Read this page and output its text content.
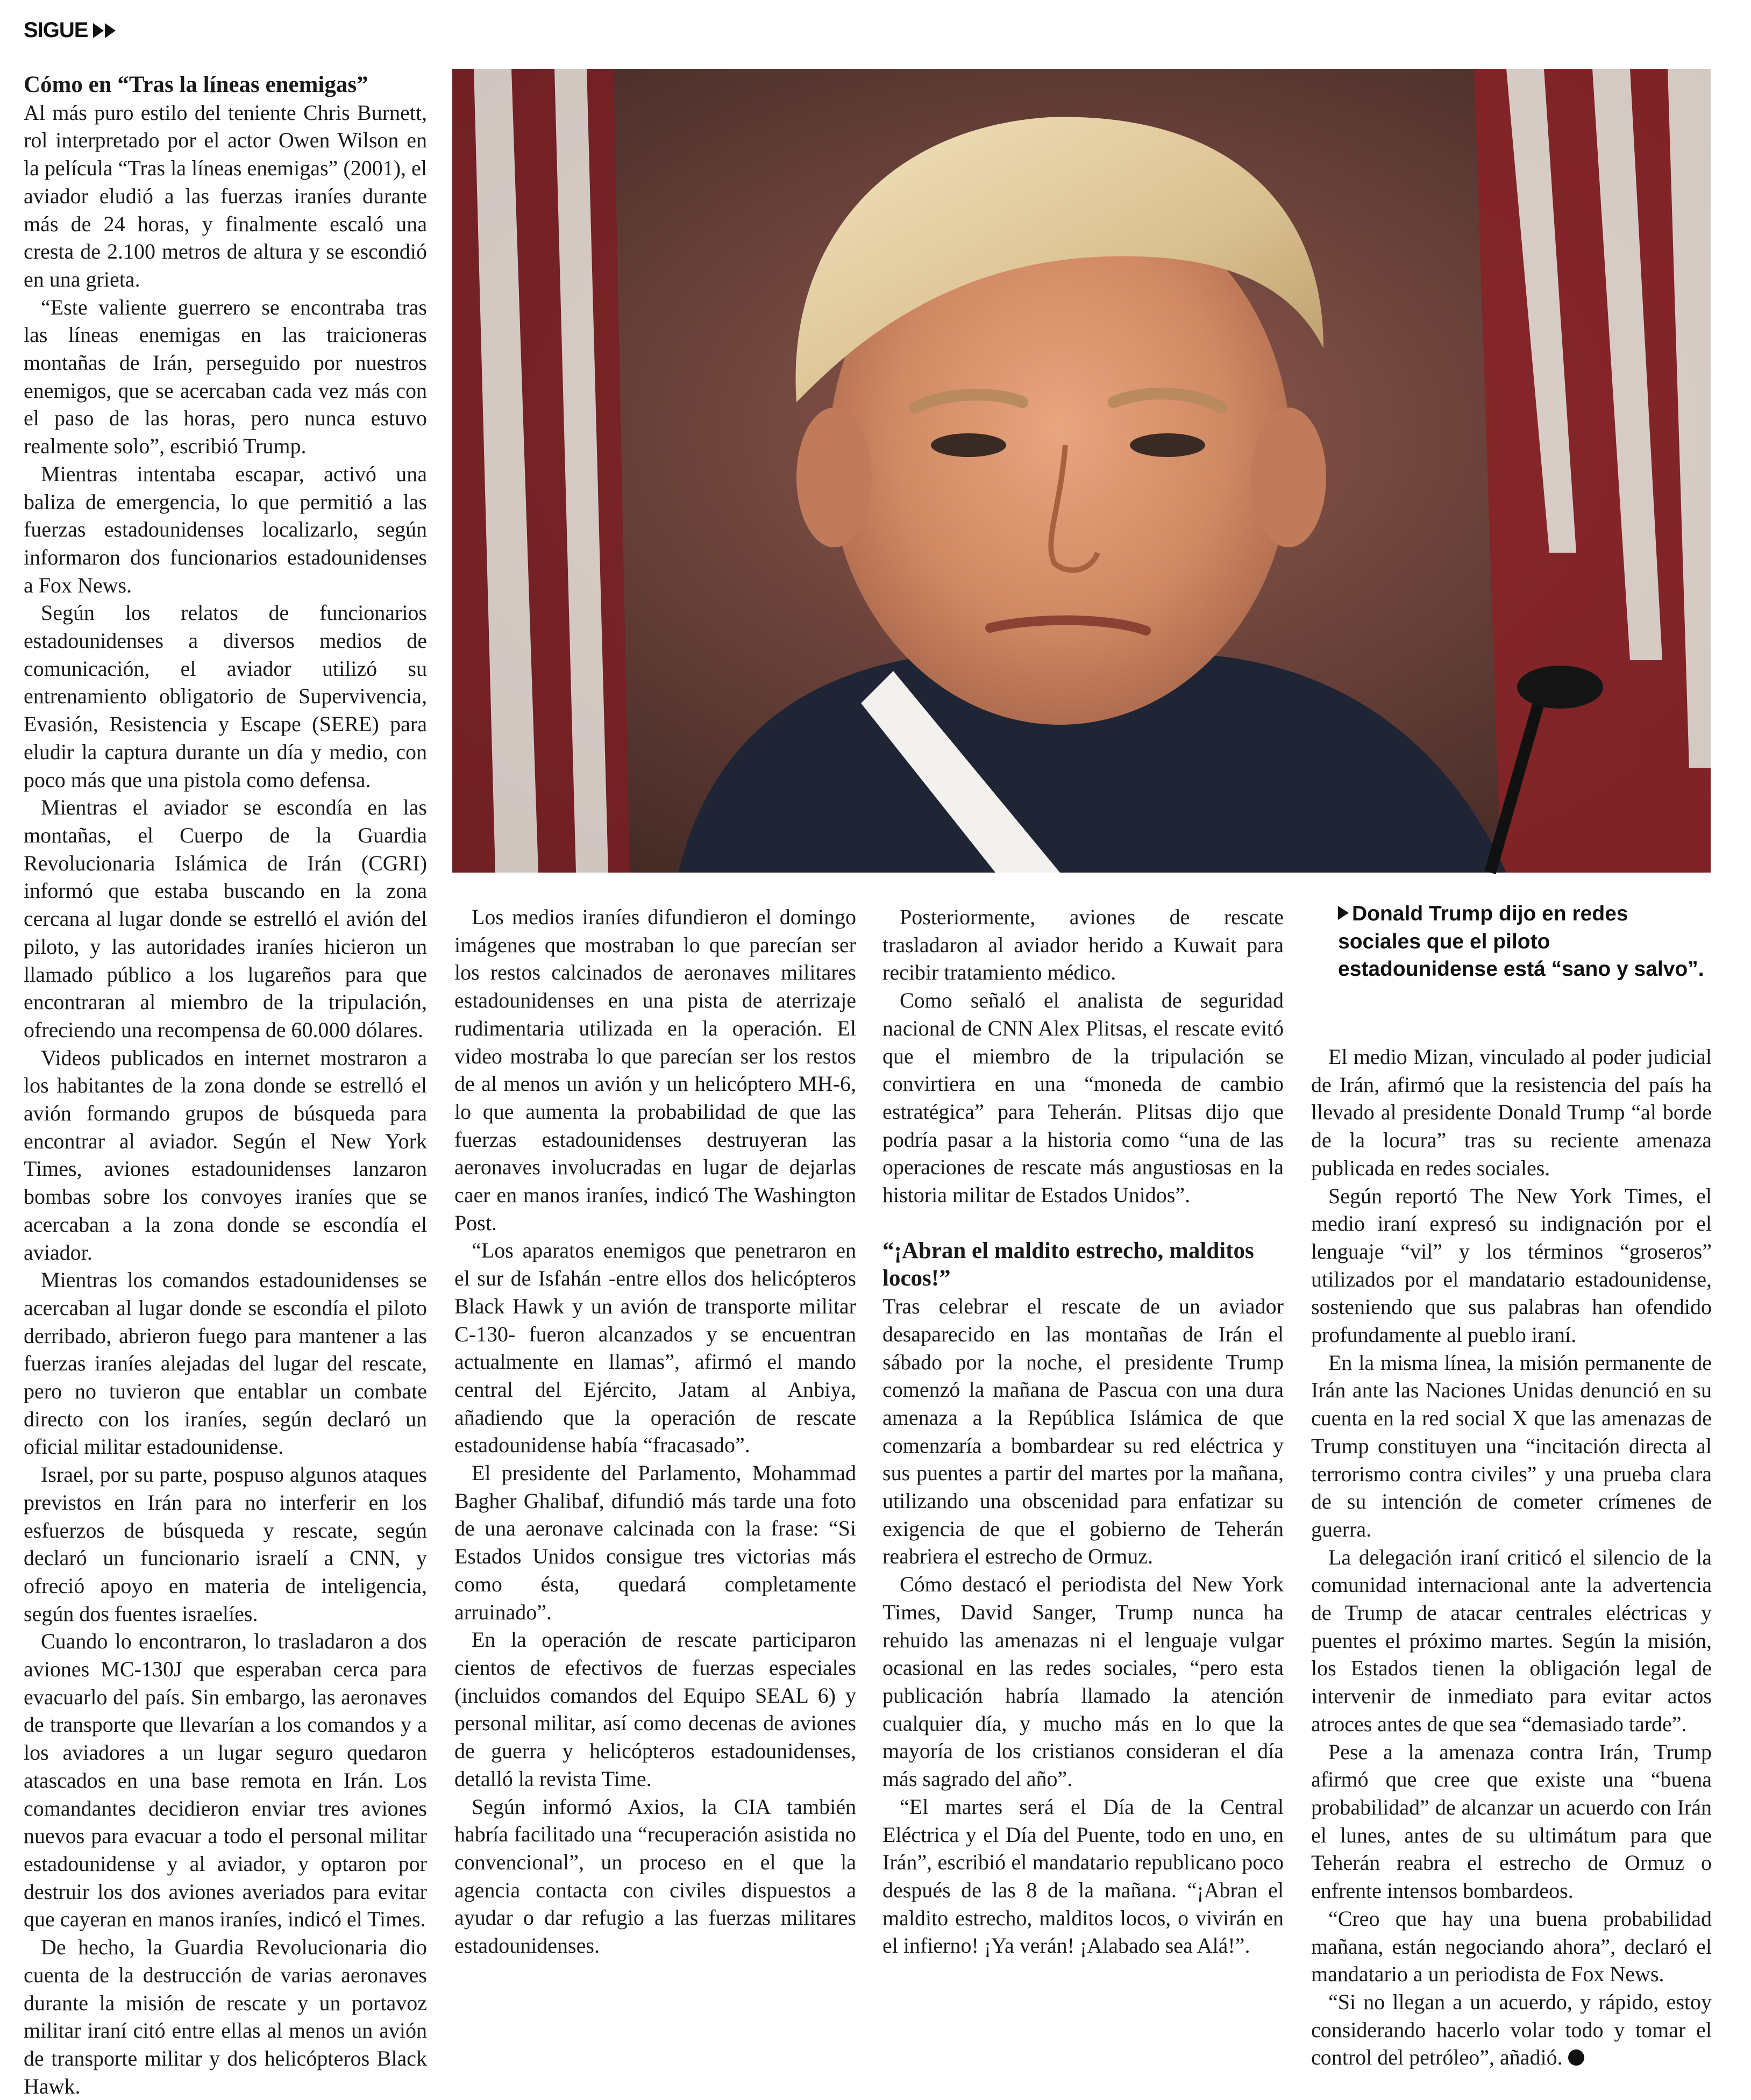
SIGUE
Cómo en “Tras la líneas enemigas”

Al más puro estilo del teniente Chris Burnett, rol interpretado por el actor Owen Wilson en la película “Tras la líneas enemigas” (2001), el aviador eludió a las fuerzas iraníes durante más de 24 horas, y finalmente escaló una cresta de 2.100 metros de altura y se escondió en una grieta.

“Este valiente guerrero se encontraba tras las líneas enemigas en las traicioneras montañas de Irán, perseguido por nuestros enemigos, que se acercaban cada vez más con el paso de las horas, pero nunca estuvo realmente solo”, escribió Trump.

Mientras intentaba escapar, activó una baliza de emergencia, lo que permitió a las fuerzas estadounidenses localizarlo, según informaron dos funcionarios estadounidenses a Fox News.

Según los relatos de funcionarios estadounidenses a diversos medios de comunicación, el aviador utilizó su entrenamiento obligatorio de Supervivencia, Evasión, Resistencia y Escape (SERE) para eludir la captura durante un día y medio, con poco más que una pistola como defensa.

Mientras el aviador se escondía en las montañas, el Cuerpo de la Guardia Revolucionaria Islámica de Irán (CGRI) informó que estaba buscando en la zona cercana al lugar donde se estrelló el avión del piloto, y las autoridades iraníes hicieron un llamado público a los lugareños para que encontraran al miembro de la tripulación, ofreciendo una recompensa de 60.000 dólares.

Videos publicados en internet mostraron a los habitantes de la zona donde se estrelló el avión formando grupos de búsqueda para encontrar al aviador. Según el New York Times, aviones estadounidenses lanzaron bombas sobre los convoyes iraníes que se acercaban a la zona donde se escondía el aviador.

Mientras los comandos estadounidenses se acercaban al lugar donde se escondía el piloto derribado, abrieron fuego para mantener a las fuerzas iraníes alejadas del lugar del rescate, pero no tuvieron que entablar un combate directo con los iraníes, según declaró un oficial militar estadounidense.

Israel, por su parte, pospuso algunos ataques previstos en Irán para no interferir en los esfuerzos de búsqueda y rescate, según declaró un funcionario israelí a CNN, y ofreció apoyo en materia de inteligencia, según dos fuentes israelíes.

Cuando lo encontraron, lo trasladaron a dos aviones MC-130J que esperaban cerca para evacuarlo del país. Sin embargo, las aeronaves de transporte que llevarían a los comandos y a los aviadores a un lugar seguro quedaron atascados en una base remota en Irán. Los comandantes decidieron enviar tres aviones nuevos para evacuar a todo el personal militar estadounidense y al aviador, y optaron por destruir los dos aviones averiados para evitar que cayeran en manos iraníes, indicó el Times.

De hecho, la Guardia Revolucionaria dio cuenta de la destrucción de varias aeronaves durante la misión de rescate y un portavoz militar iraní citó entre ellas al menos un avión de transporte militar y dos helicópteros Black Hawk.

Donald Trump dijo en redes sociales que el piloto estadounidense está “sano y salvo”.

Los medios iraníes difundieron el domingo imágenes que mostraban lo que parecían ser los restos calcinados de aeronaves militares estadounidenses en una pista de aterrizaje rudimentaria utilizada en la operación. El video mostraba lo que parecían ser los restos de al menos un avión y un helicóptero MH-6, lo que aumenta la probabilidad de que las fuerzas estadounidenses destruyeran las aeronaves involucradas en lugar de dejarlas caer en manos iraníes, indicó The Washington Post.

“Los aparatos enemigos que penetraron en el sur de Isfahán -entre ellos dos helicópteros Black Hawk y un avión de transporte militar C-130- fueron alcanzados y se encuentran actualmente en llamas”, afirmó el mando central del Ejército, Jatam al Anbiya, añadiendo que la operación de rescate estadounidense había “fracasado”.

El presidente del Parlamento, Mohammad Bagher Ghalibaf, difundió más tarde una foto de una aeronave calcinada con la frase: “Si Estados Unidos consigue tres victorias más como ésta, quedará completamente arruinado”.

En la operación de rescate participaron cientos de efectivos de fuerzas especiales (incluidos comandos del Equipo SEAL 6) y personal militar, así como decenas de aviones de guerra y helicópteros estadounidenses, detalló la revista Time.

Según informó Axios, la CIA también habría facilitado una “recuperación asistida no convencional”, un proceso en el que la agencia contacta con civiles dispuestos a ayudar o dar refugio a las fuerzas militares estadounidenses.

Posteriormente, aviones de rescate trasladaron al aviador herido a Kuwait para recibir tratamiento médico.

Como señaló el analista de seguridad nacional de CNN Alex Plitsas, el rescate evitó que el miembro de la tripulación se convirtiera en una “moneda de cambio estratégica” para Teherán. Plitsas dijo que podría pasar a la historia como “una de las operaciones de rescate más angustiosas en la historia militar de Estados Unidos”.

“¡Abran el maldito estrecho, malditos locos!”

Tras celebrar el rescate de un aviador desaparecido en las montañas de Irán el sábado por la noche, el presidente Trump comenzó la mañana de Pascua con una dura amenaza a la República Islámica de que comenzaría a bombardear su red eléctrica y sus puentes a partir del martes por la mañana, utilizando una obscenidad para enfatizar su exigencia de que el gobierno de Teherán reabriera el estrecho de Ormuz.

Cómo destacó el periodista del New York Times, David Sanger, Trump nunca ha rehuido las amenazas ni el lenguaje vulgar ocasional en las redes sociales, “pero esta publicación habría llamado la atención cualquier día, y mucho más en lo que la mayoría de los cristianos consideran el día más sagrado del año”.

“El martes será el Día de la Central Eléctrica y el Día del Puente, todo en uno, en Irán”, escribió el mandatario republicano poco después de las 8 de la mañana. “¡Abran el maldito estrecho, malditos locos, o vivirán en el infierno! ¡Ya verán! ¡Alabado sea Alá!”.

El medio Mizan, vinculado al poder judicial de Irán, afirmó que la resistencia del país ha llevado al presidente Donald Trump “al borde de la locura” tras su reciente amenaza publicada en redes sociales.

Según reportó The New York Times, el medio iraní expresó su indignación por el lenguaje “vil” y los términos “groseros” utilizados por el mandatario estadounidense, sosteniendo que sus palabras han ofendido profundamente al pueblo iraní.

En la misma línea, la misión permanente de Irán ante las Naciones Unidas denunció en su cuenta en la red social X que las amenazas de Trump constituyen una “incitación directa al terrorismo contra civiles” y una prueba clara de su intención de cometer crímenes de guerra.

La delegación iraní criticó el silencio de la comunidad internacional ante la advertencia de Trump de atacar centrales eléctricas y puentes el próximo martes. Según la misión, los Estados tienen la obligación legal de intervenir de inmediato para evitar actos atroces antes de que sea “demasiado tarde”.

Pese a la amenaza contra Irán, Trump afirmó que cree que existe una “buena probabilidad” de alcanzar un acuerdo con Irán el lunes, antes de su ultimátum para que Teherán reabra el estrecho de Ormuz o enfrente intensos bombardeos.

“Creo que hay una buena probabilidad mañana, están negociando ahora”, declaró el mandatario a un periodista de Fox News.

“Si no llegan a un acuerdo, y rápido, estoy considerando hacerlo volar todo y tomar el control del petróleo”, añadió.
